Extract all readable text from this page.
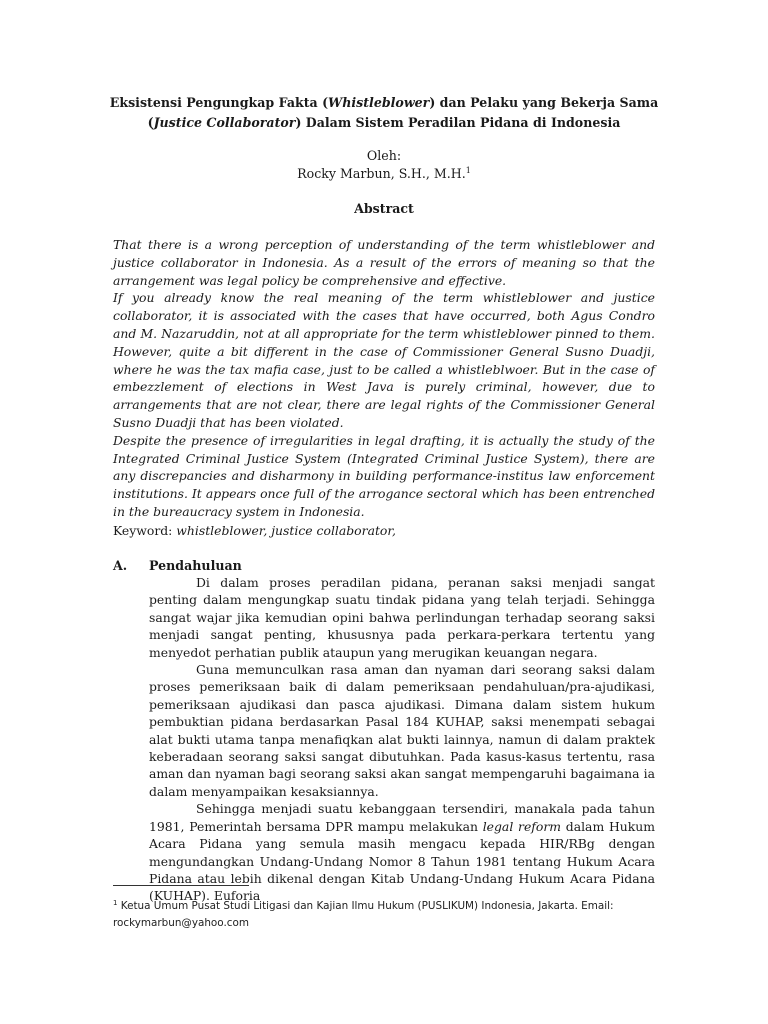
Eksistensi Pengungkap Fakta (Whistleblower) dan Pelaku yang Bekerja Sama
(Justice Collaborator) Dalam Sistem Peradilan Pidana di Indonesia
Oleh:
Rocky Marbun, S.H., M.H.$^1$
Abstract

That there is a wrong perception of understanding of the term whistleblower and justice collaborator in Indonesia. As a result of the errors of meaning so that the arrangement was legal policy be comprehensive and effective.

If you already know the real meaning of the term whistleblower and justice collaborator, it is associated with the cases that have occurred, both Agus Condro and M. Nazaruddin, not at all appropriate for the term whistleblower pinned to them. However, quite a bit different in the case of Commissioner General Susno Duadji, where he was the tax mafia case, just to be called a whistleblwoer. But in the case of embezzlement of elections in West Java is purely criminal, however, due to arrangements that are not clear, there are legal rights of the Commissioner General Susno Duadji that has been violated.

Despite the presence of irregularities in legal drafting, it is actually the study of the Integrated Criminal Justice System (Integrated Criminal Justice System), there are any discrepancies and disharmony in building performance-institus law enforcement institutions. It appears once full of the arrogance sectoral which has been entrenched in the bureaucracy system in Indonesia.

Keyword: whistleblower, justice collaborator,
A. Pendahuluan

Di dalam proses peradilan pidana, peranan saksi menjadi sangat penting dalam mengungkap suatu tindak pidana yang telah terjadi. Sehingga sangat wajar jika kemudian opini bahwa perlindungan terhadap seorang saksi menjadi sangat penting, khususnya pada perkara-perkara tertentu yang menyedot perhatian publik ataupun yang merugikan keuangan negara.

Guna memunculkan rasa aman dan nyaman dari seorang saksi dalam proses pemeriksaan baik di dalam pemeriksaan pendahuluan/pra-ajudikasi, pemeriksaan ajudikasi dan pasca ajudikasi. Dimana dalam sistem hukum pembuktian pidana berdasarkan Pasal 184 KUHAP, saksi menempati sebagai alat bukti utama tanpa menafiqkan alat bukti lainnya, namun di dalam praktek keberadaan seorang saksi sangat dibutuhkan. Pada kasus-kasus tertentu, rasa aman dan nyaman bagi seorang saksi akan sangat mempengaruhi bagaimana ia dalam menyampaikan kesaksiannya.

Sehingga menjadi suatu kebanggaan tersendiri, manakala pada tahun 1981, Pemerintah bersama DPR mampu melakukan legal reform dalam Hukum Acara Pidana yang semula masih mengacu kepada HIR/RBg dengan mengundangkan Undang-Undang Nomor 8 Tahun 1981 tentang Hukum Acara Pidana atau lebih dikenal dengan Kitab Undang-Undang Hukum Acara Pidana (KUHAP). Euforia

$^1$ Ketua Umum Pusat Studi Litigasi dan Kajian Ilmu Hukum (PUSLIKUM) Indonesia, Jakarta. Email: rockymarbun@yahoo.com
